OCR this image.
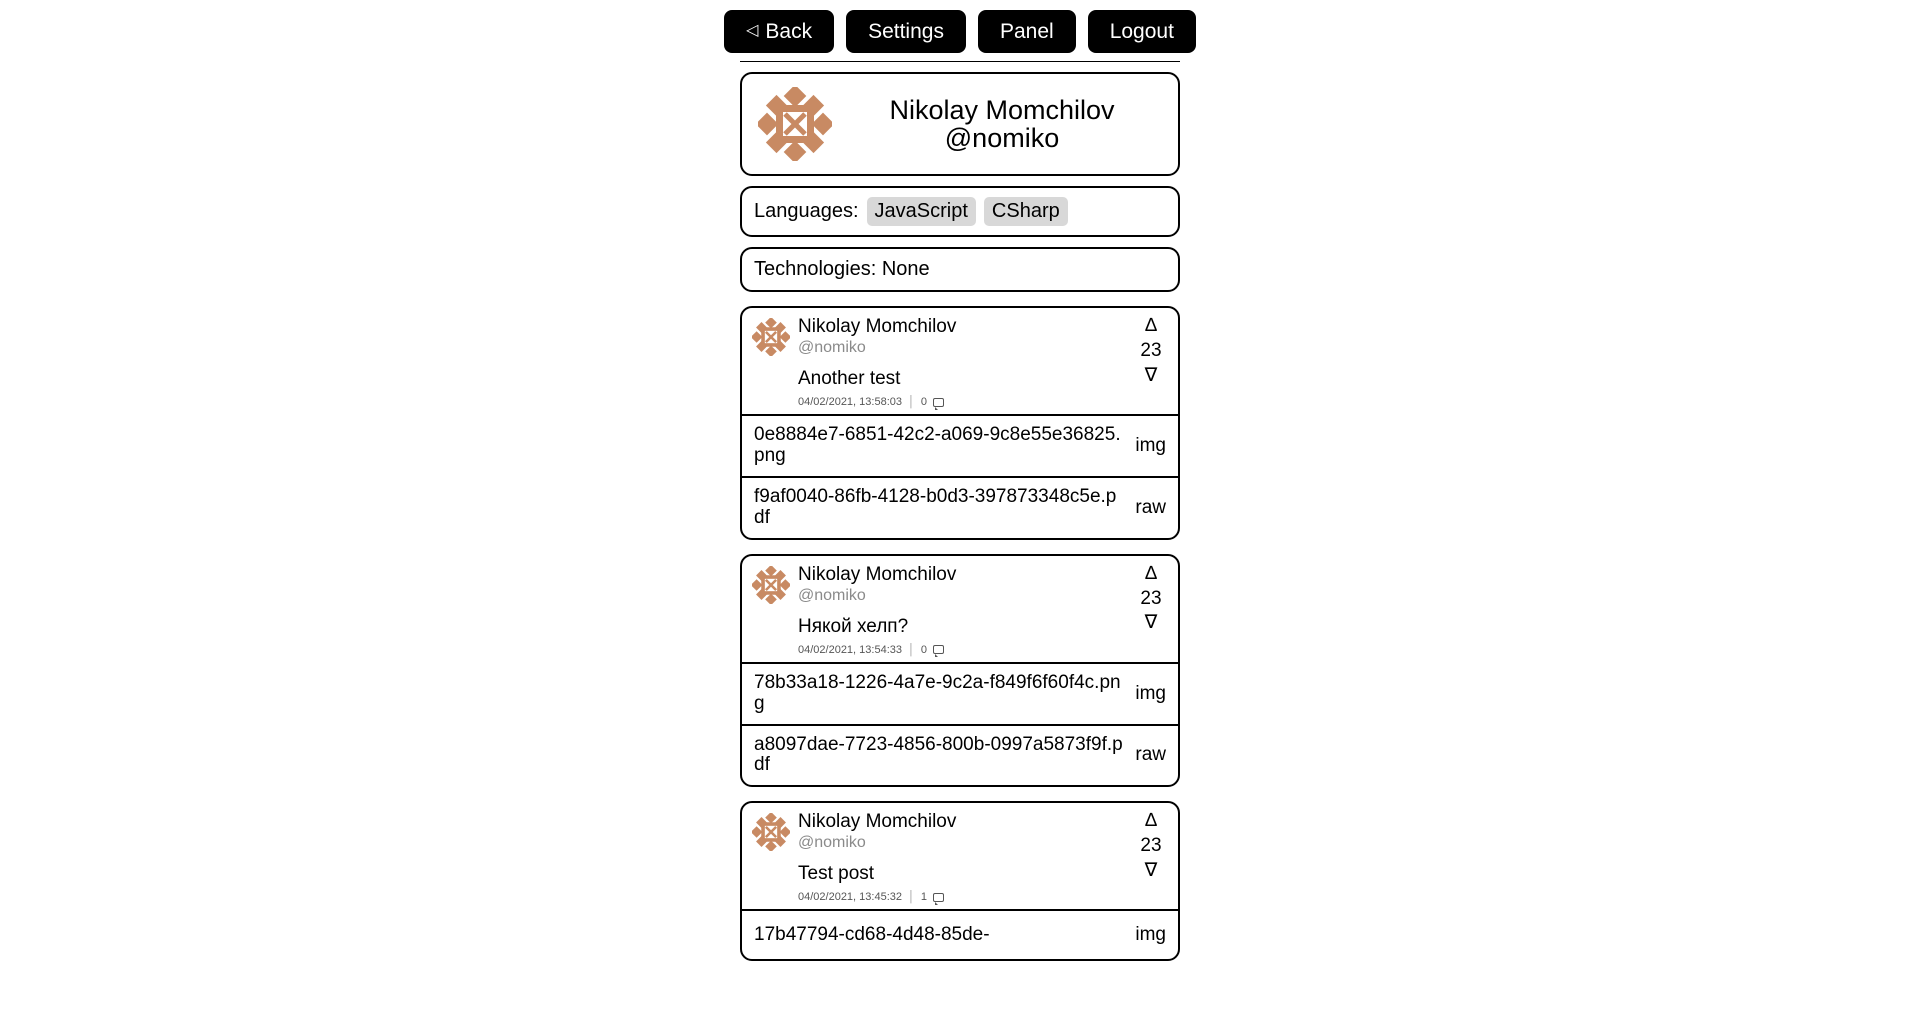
◁ Back	Settings	Panel	Logout
Nikolay Momchilov
@nomiko
Languages: JavaScript	CSharp
Technologies: None
Nikolay Momchilov
@nomiko
Another test
04/02/2021, 13:58:03 │ 0
∆
23
∇
0e8884e7-6851-42c2-a069-9c8e55e36825.png	img
f9af0040-86fb-4128-b0d3-397873348c5e.pdf	raw
Nikolay Momchilov
@nomiko
Някой хелп?
04/02/2021, 13:54:33 │ 0
∆
23
∇
78b33a18-1226-4a7e-9c2a-f849f6f60f4c.png	img
a8097dae-7723-4856-800b-0997a5873f9f.pdf	raw
Nikolay Momchilov
@nomiko
Test post
04/02/2021, 13:45:32 │ 1
∆
23
∇
17b47794-cd68-4d48-85de-	img
